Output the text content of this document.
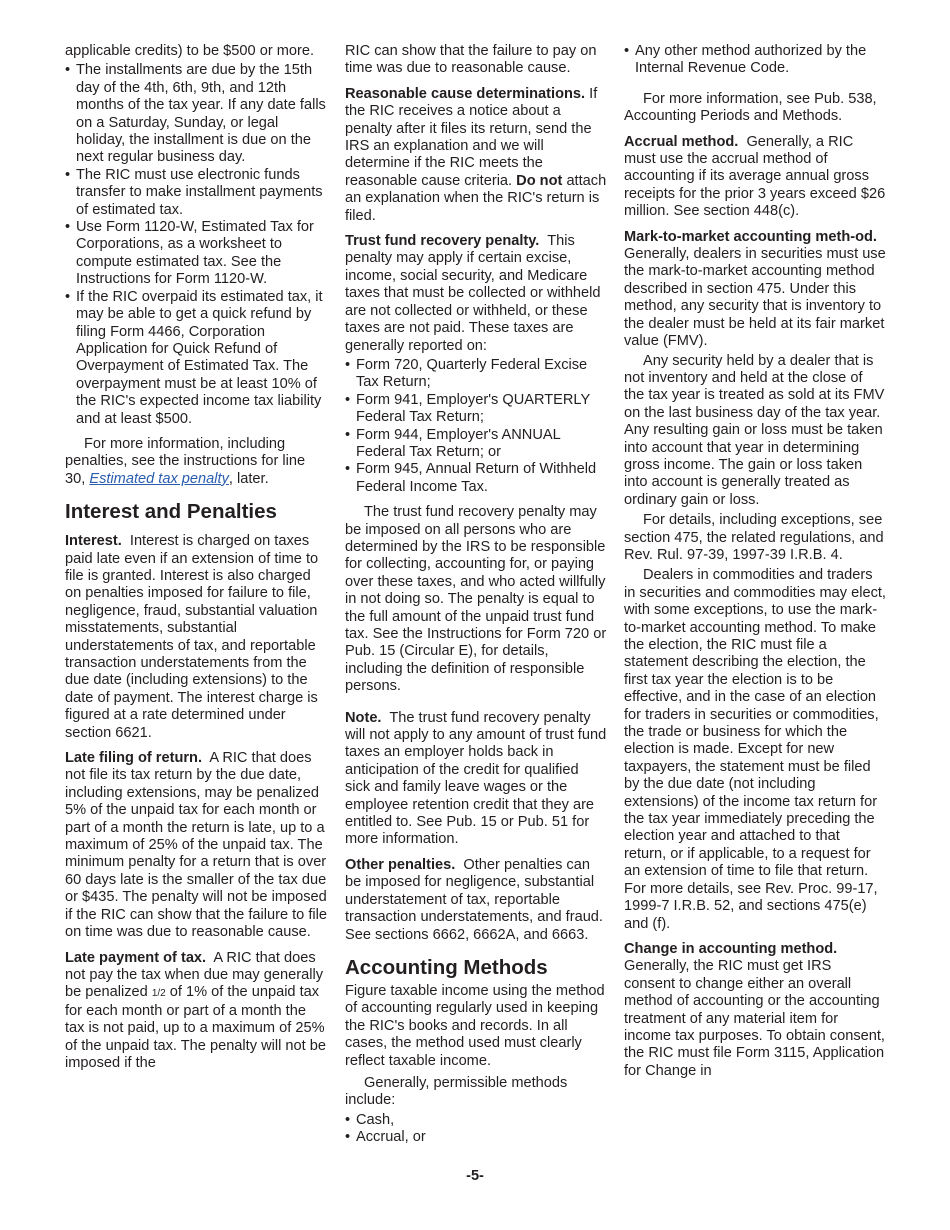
applicable credits) to be $500 or more.

• The installments are due by the 15th day of the 4th, 6th, 9th, and 12th months of the tax year. If any date falls on a Saturday, Sunday, or legal holiday, the installment is due on the next regular business day.
• The RIC must use electronic funds transfer to make installment payments of estimated tax.
• Use Form 1120-W, Estimated Tax for Corporations, as a worksheet to compute estimated tax. See the Instructions for Form 1120-W.
• If the RIC overpaid its estimated tax, it may be able to get a quick refund by filing Form 4466, Corporation Application for Quick Refund of Overpayment of Estimated Tax. The overpayment must be at least 10% of the RIC's expected income tax liability and at least $500.

For more information, including penalties, see the instructions for line 30, Estimated tax penalty, later.

Interest and Penalties

Interest. Interest is charged on taxes paid late even if an extension of time to file is granted. Interest is also charged on penalties imposed for failure to file, negligence, fraud, substantial valuation misstatements, substantial understatements of tax, and reportable transaction understatements from the due date (including extensions) to the date of payment. The interest charge is figured at a rate determined under section 6621.

Late filing of return. A RIC that does not file its tax return by the due date, including extensions, may be penalized 5% of the unpaid tax for each month or part of a month the return is late, up to a maximum of 25% of the unpaid tax. The minimum penalty for a return that is over 60 days late is the smaller of the tax due or $435. The penalty will not be imposed if the RIC can show that the failure to file on time was due to reasonable cause.

Late payment of tax. A RIC that does not pay the tax when due may generally be penalized 1/2 of 1% of the unpaid tax for each month or part of a month the tax is not paid, up to a maximum of 25% of the unpaid tax. The penalty will not be imposed if the

RIC can show that the failure to pay on time was due to reasonable cause.

Reasonable cause determinations. If the RIC receives a notice about a penalty after it files its return, send the IRS an explanation and we will determine if the RIC meets the reasonable cause criteria. Do not attach an explanation when the RIC's return is filed.

Trust fund recovery penalty. This penalty may apply if certain excise, income, social security, and Medicare taxes that must be collected or withheld are not collected or withheld, or these taxes are not paid. These taxes are generally reported on:

• Form 720, Quarterly Federal Excise Tax Return;
• Form 941, Employer's QUARTERLY Federal Tax Return;
• Form 944, Employer's ANNUAL Federal Tax Return; or
• Form 945, Annual Return of Withheld Federal Income Tax.

The trust fund recovery penalty may be imposed on all persons who are determined by the IRS to be responsible for collecting, accounting for, or paying over these taxes, and who acted willfully in not doing so. The penalty is equal to the full amount of the unpaid trust fund tax. See the Instructions for Form 720 or Pub. 15 (Circular E), for details, including the definition of responsible persons.

Note. The trust fund recovery penalty will not apply to any amount of trust fund taxes an employer holds back in anticipation of the credit for qualified sick and family leave wages or the employee retention credit that they are entitled to. See Pub. 15 or Pub. 51 for more information.

Other penalties. Other penalties can be imposed for negligence, substantial understatement of tax, reportable transaction understatements, and fraud. See sections 6662, 6662A, and 6663.

Accounting Methods

Figure taxable income using the method of accounting regularly used in keeping the RIC's books and records. In all cases, the method used must clearly reflect taxable income.

Generally, permissible methods include:

• Cash,
• Accrual, or
• Any other method authorized by the Internal Revenue Code.

For more information, see Pub. 538, Accounting Periods and Methods.

Accrual method. Generally, a RIC must use the accrual method of accounting if its average annual gross receipts for the prior 3 years exceed $26 million. See section 448(c).

Mark-to-market accounting meth-od.  Generally, dealers in securities must use the mark-to-market accounting method described in section 475. Under this method, any security that is inventory to the dealer must be held at its fair market value (FMV).

Any security held by a dealer that is not inventory and held at the close of the tax year is treated as sold at its FMV on the last business day of the tax year. Any resulting gain or loss must be taken into account that year in determining gross income. The gain or loss taken into account is generally treated as ordinary gain or loss.

For details, including exceptions, see section 475, the related regulations, and Rev. Rul. 97-39, 1997-39 I.R.B. 4.

Dealers in commodities and traders in securities and commodities may elect, with some exceptions, to use the mark-to-market accounting method. To make the election, the RIC must file a statement describing the election, the first tax year the election is to be effective, and in the case of an election for traders in securities or commodities, the trade or business for which the election is made. Except for new taxpayers, the statement must be filed by the due date (not including extensions) of the income tax return for the tax year immediately preceding the election year and attached to that return, or if applicable, to a request for an extension of time to file that return. For more details, see Rev. Proc. 99-17, 1999-7 I.R.B. 52, and sections 475(e) and (f).

Change in accounting method. Generally, the RIC must get IRS consent to change either an overall method of accounting or the accounting treatment of any material item for income tax purposes. To obtain consent, the RIC must file Form 3115, Application for Change in

-5-
